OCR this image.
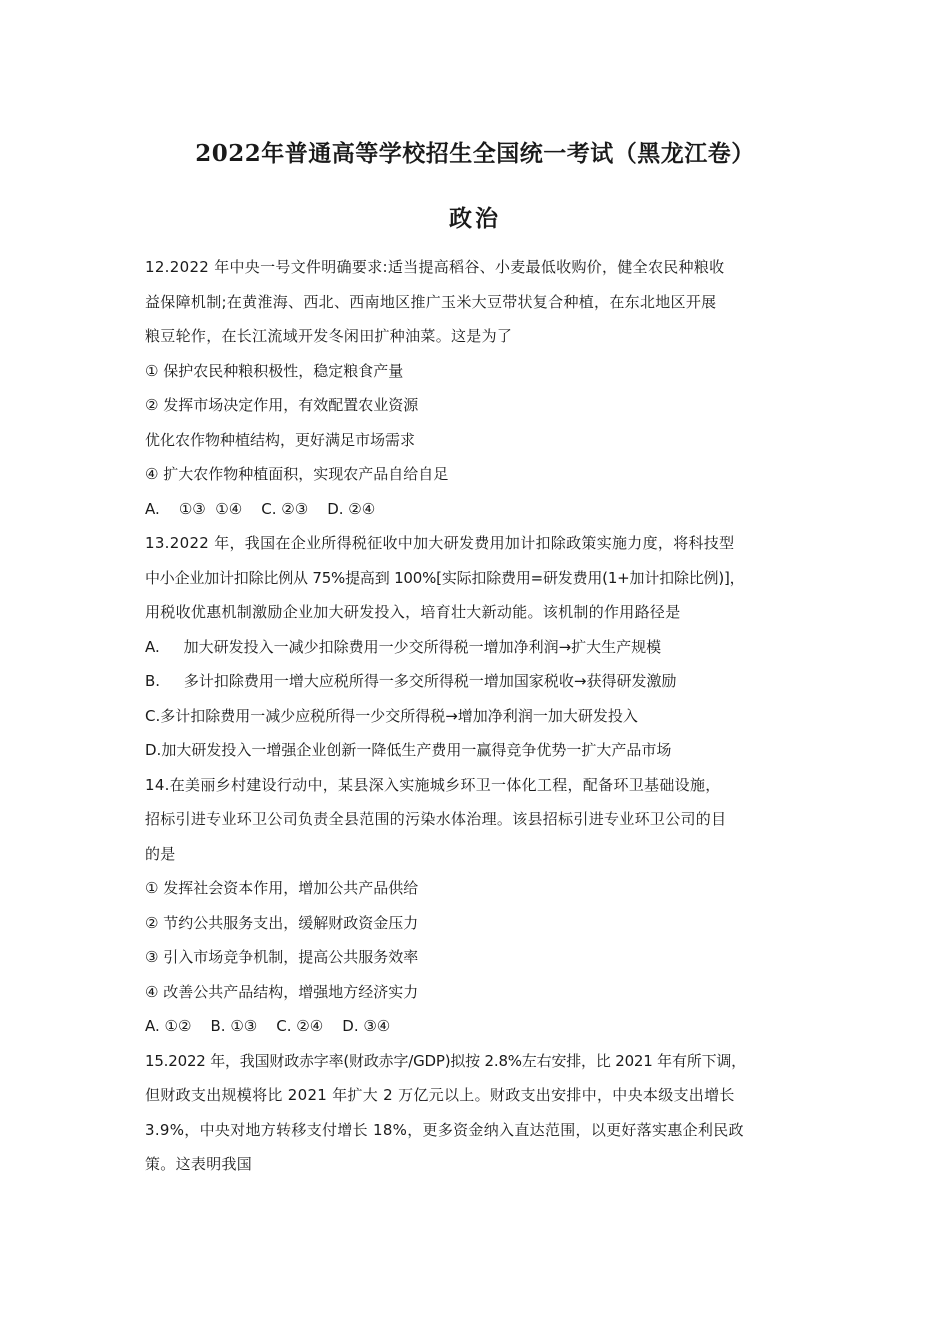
2022年普通高等学校招生全国统一考试（黑龙江卷）
政治
12.2022 年中央一号文件明确要求:适当提高稻谷、小麦最低收购价，健全农民种粮收
益保障机制;在黄淮海、西北、西南地区推广玉米大豆带状复合种植，在东北地区开展
粮豆轮作，在长江流域开发冬闲田扩种油菜。这是为了
① 保护农民种粮积极性，稳定粮食产量
② 发挥市场决定作用，有效配置农业资源
优化农作物种植结构，更好满足市场需求
④ 扩大农作物种植面积，实现农产品自给自足
A.    ①③  ①④    C. ②③    D. ②④
13.2022 年，我国在企业所得税征收中加大研发费用加计扣除政策实施力度，将科技型
中小企业加计扣除比例从 75%提高到 100%[实际扣除费用=研发费用(1+加计扣除比例)]，
用税收优惠机制激励企业加大研发投入，培育壮大新动能。该机制的作用路径是
A.     加大研发投入一减少扣除费用一少交所得税一增加净利润→扩大生产规模
B.     多计扣除费用一增大应税所得一多交所得税一增加国家税收→获得研发激励
C.多计扣除费用一减少应税所得一少交所得税→增加净利润一加大研发投入
D.加大研发投入一增强企业创新一降低生产费用一赢得竞争优势一扩大产品市场
14.在美丽乡村建设行动中，某县深入实施城乡环卫一体化工程，配备环卫基础设施，
招标引进专业环卫公司负责全县范围的污染水体治理。该县招标引进专业环卫公司的目
的是
① 发挥社会资本作用，增加公共产品供给
② 节约公共服务支出，缓解财政资金压力
③ 引入市场竞争机制，提高公共服务效率
④ 改善公共产品结构，增强地方经济实力
A. ①②    B. ①③    C. ②④    D. ③④
15.2022 年，我国财政赤字率(财政赤字/GDP)拟按 2.8%左右安排，比 2021 年有所下调，
但财政支出规模将比 2021 年扩大 2 万亿元以上。财政支出安排中，中央本级支出增长
3.9%，中央对地方转移支付增长 18%，更多资金纳入直达范围，以更好落实惠企利民政
策。这表明我国
